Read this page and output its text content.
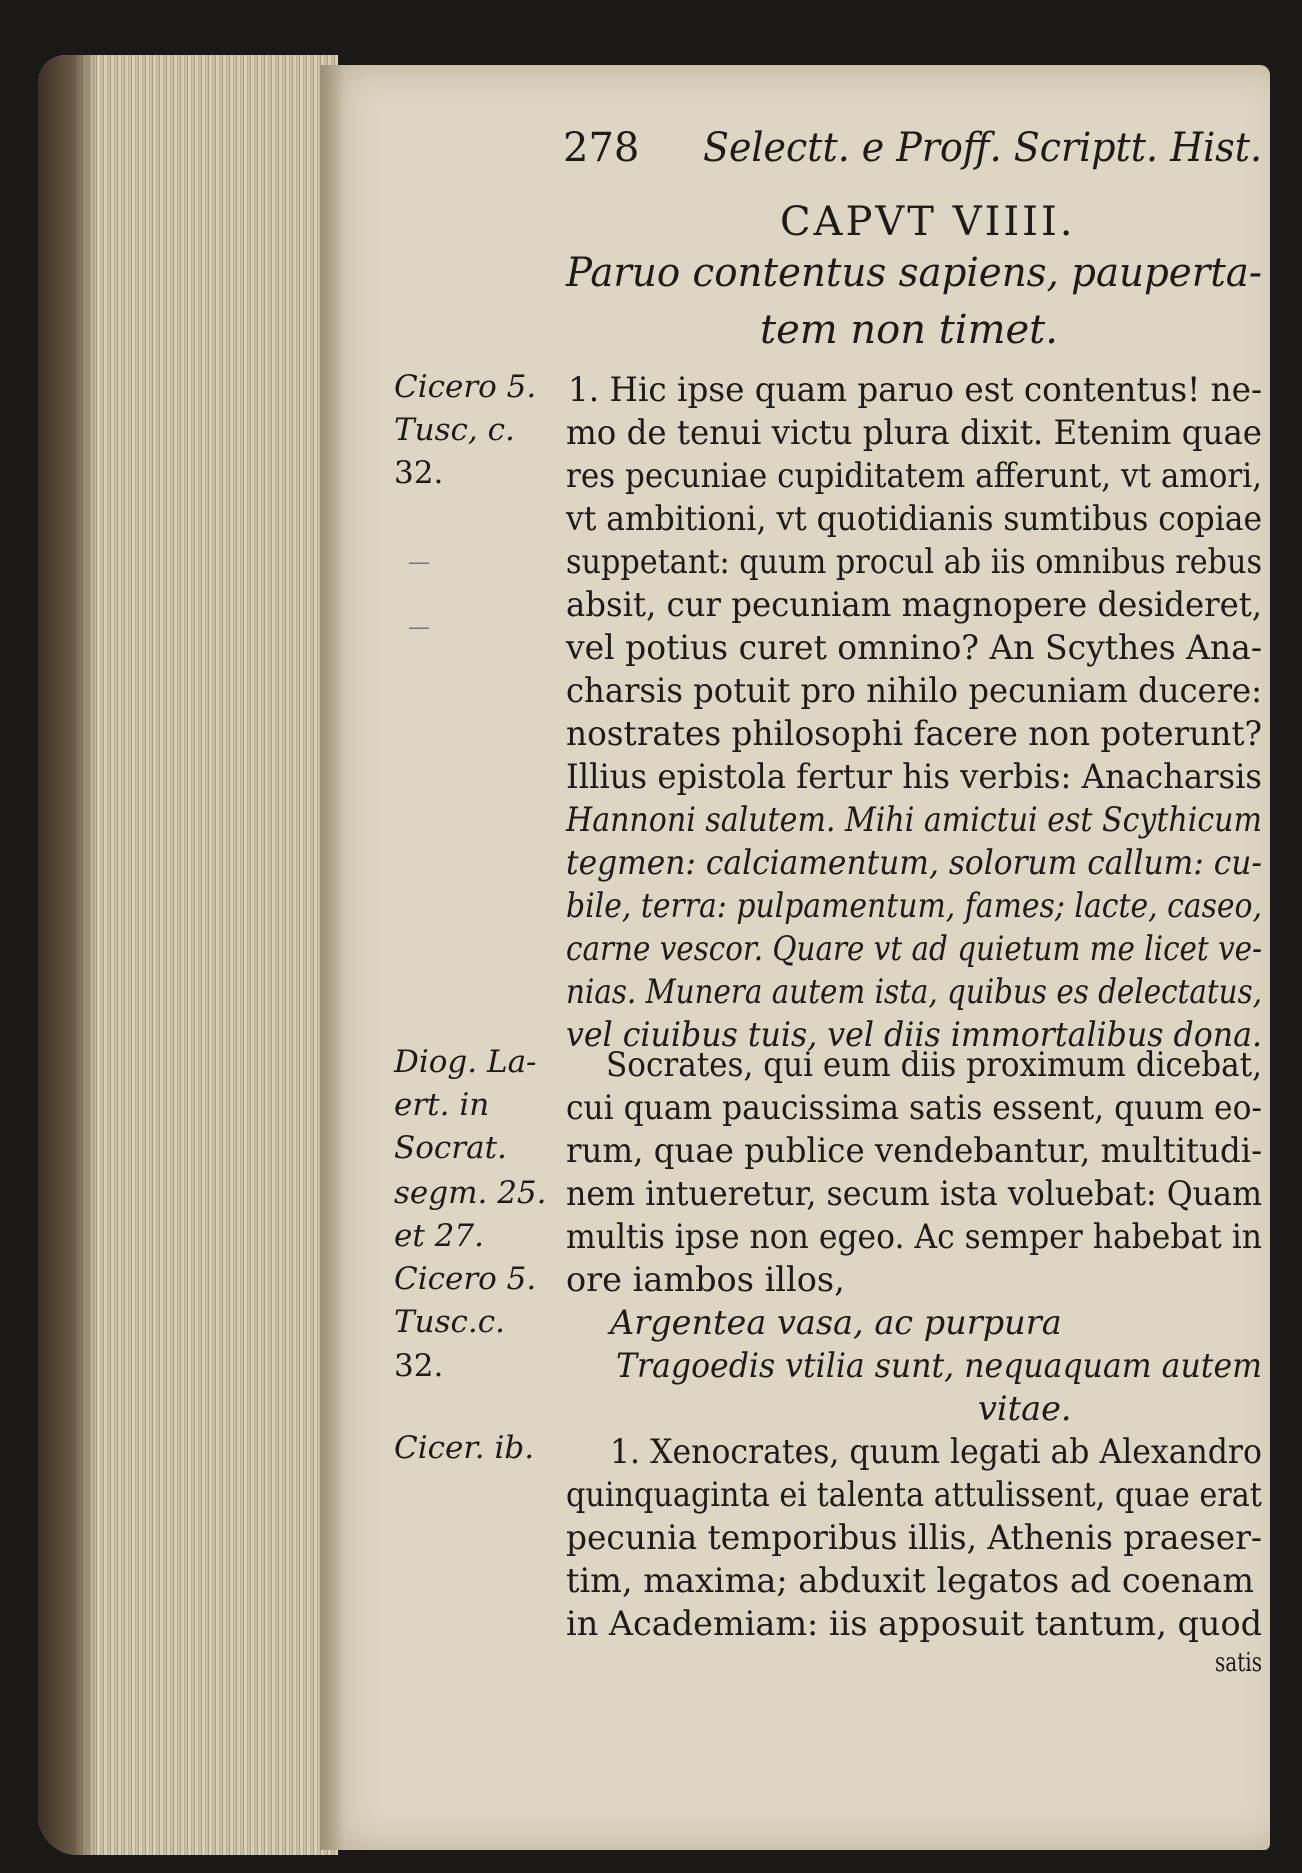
278 Selectt. e Proff. Scriptt. Hist.
CAPVT VIIII.
Paruo contentus sapiens, pauperta-
tem non timet.
Cicero 5.
Tusc, c.
32.
Diog. La-
ert. in
Socrat.
segm. 25.
et 27.
Cicero 5.
Tusc.c.
32.
Cicer. ib.
—
—
1. Hic ipse quam paruo est contentus! ne-
mo de tenui victu plura dixit. Etenim quae
res pecuniae cupiditatem afferunt, vt amori,
vt ambitioni, vt quotidianis sumtibus copiae
suppetant: quum procul ab iis omnibus rebus
absit, cur pecuniam magnopere desideret,
vel potius curet omnino? An Scythes Ana-
charsis potuit pro nihilo pecuniam ducere:
nostrates philosophi facere non poterunt?
Illius epistola fertur his verbis: Anacharsis
Hannoni salutem. Mihi amictui est Scythicum
tegmen: calciamentum, solorum callum: cu-
bile, terra: pulpamentum, fames; lacte, caseo,
carne vescor. Quare vt ad quietum me licet ve-
nias. Munera autem ista, quibus es delectatus,
vel ciuibus tuis, vel diis immortalibus dona.
Socrates, qui eum diis proximum dicebat,
cui quam paucissima satis essent, quum eo-
rum, quae publice vendebantur, multitudi-
nem intueretur, secum ista voluebat: Quam
multis ipse non egeo. Ac semper habebat in
ore iambos illos,
Argentea vasa, ac purpura
Tragoedis vtilia sunt, nequaquam autem
vitae.
1. Xenocrates, quum legati ab Alexandro
quinquaginta ei talenta attulissent, quae erat
pecunia temporibus illis, Athenis praeser-
tim, maxima; abduxit legatos ad coenam
in Academiam: iis apposuit tantum, quod
satis
